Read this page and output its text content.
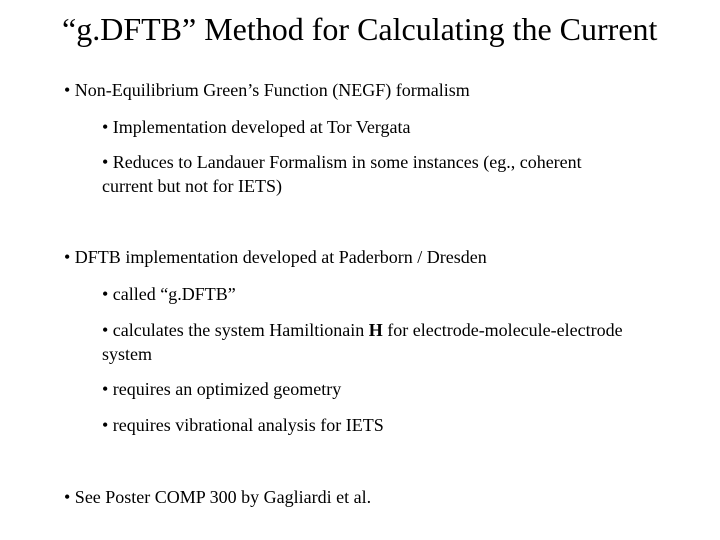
“g.DFTB” Method for Calculating the Current
• Non-Equilibrium Green’s Function (NEGF) formalism
• Implementation developed at Tor Vergata
• Reduces to Landauer Formalism in some instances (eg., coherent
current but not for IETS)
• DFTB implementation developed at Paderborn / Dresden
• called “g.DFTB”
• calculates the system Hamiltionain H for electrode-molecule-electrode
system
• requires an optimized geometry
• requires vibrational analysis for IETS
• See Poster COMP 300 by Gagliardi et al.
